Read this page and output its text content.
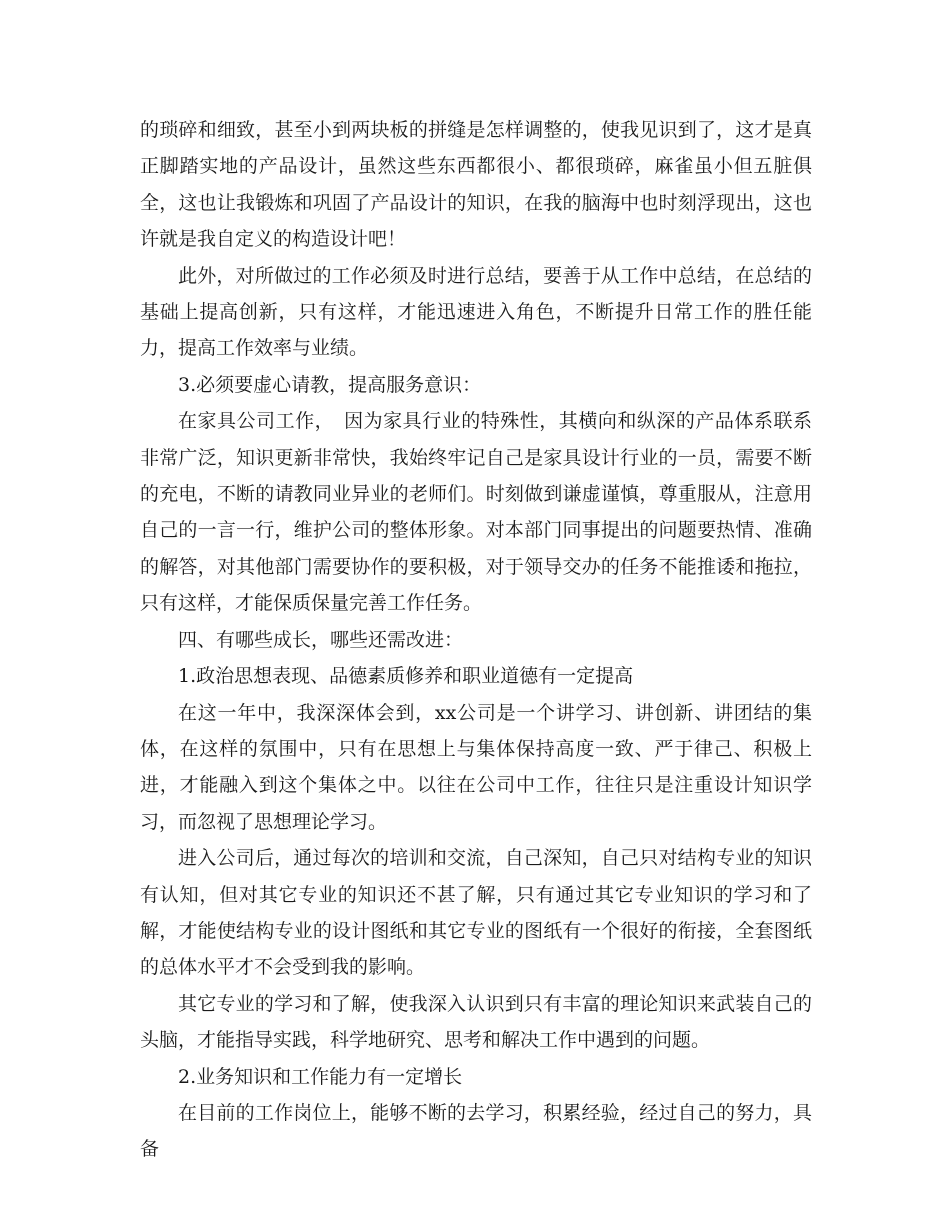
的琐碎和细致，甚至小到两块板的拼缝是怎样调整的，使我见识到了，这才是真正脚踏实地的产品设计，虽然这些东西都很小、都很琐碎，麻雀虽小但五脏俱全，这也让我锻炼和巩固了产品设计的知识，在我的脑海中也时刻浮现出，这也许就是我自定义的构造设计吧！

此外，对所做过的工作必须及时进行总结，要善于从工作中总结，在总结的基础上提高创新，只有这样，才能迅速进入角色，不断提升日常工作的胜任能力，提高工作效率与业绩。

3.必须要虚心请教，提高服务意识：

在家具公司工作，　因为家具行业的特殊性，其横向和纵深的产品体系联系非常广泛，知识更新非常快，我始终牢记自己是家具设计行业的一员，需要不断的充电，不断的请教同业异业的老师们。时刻做到谦虚谨慎，尊重服从，注意用自己的一言一行，维护公司的整体形象。对本部门同事提出的问题要热情、准确的解答，对其他部门需要协作的要积极，对于领导交办的任务不能推诿和拖拉，只有这样，才能保质保量完善工作任务。

四、有哪些成长，哪些还需改进：

1.政治思想表现、品德素质修养和职业道德有一定提高

在这一年中，我深深体会到，xx公司是一个讲学习、讲创新、讲团结的集体，在这样的氛围中，只有在思想上与集体保持高度一致、严于律己、积极上进，才能融入到这个集体之中。以往在公司中工作，往往只是注重设计知识学习，而忽视了思想理论学习。

进入公司后，通过每次的培训和交流，自己深知，自己只对结构专业的知识有认知，但对其它专业的知识还不甚了解，只有通过其它专业知识的学习和了解，才能使结构专业的设计图纸和其它专业的图纸有一个很好的衔接，全套图纸的总体水平才不会受到我的影响。

其它专业的学习和了解，使我深入认识到只有丰富的理论知识来武装自己的头脑，才能指导实践，科学地研究、思考和解决工作中遇到的问题。

2.业务知识和工作能力有一定增长

在目前的工作岗位上，能够不断的去学习，积累经验，经过自己的努力，具备
